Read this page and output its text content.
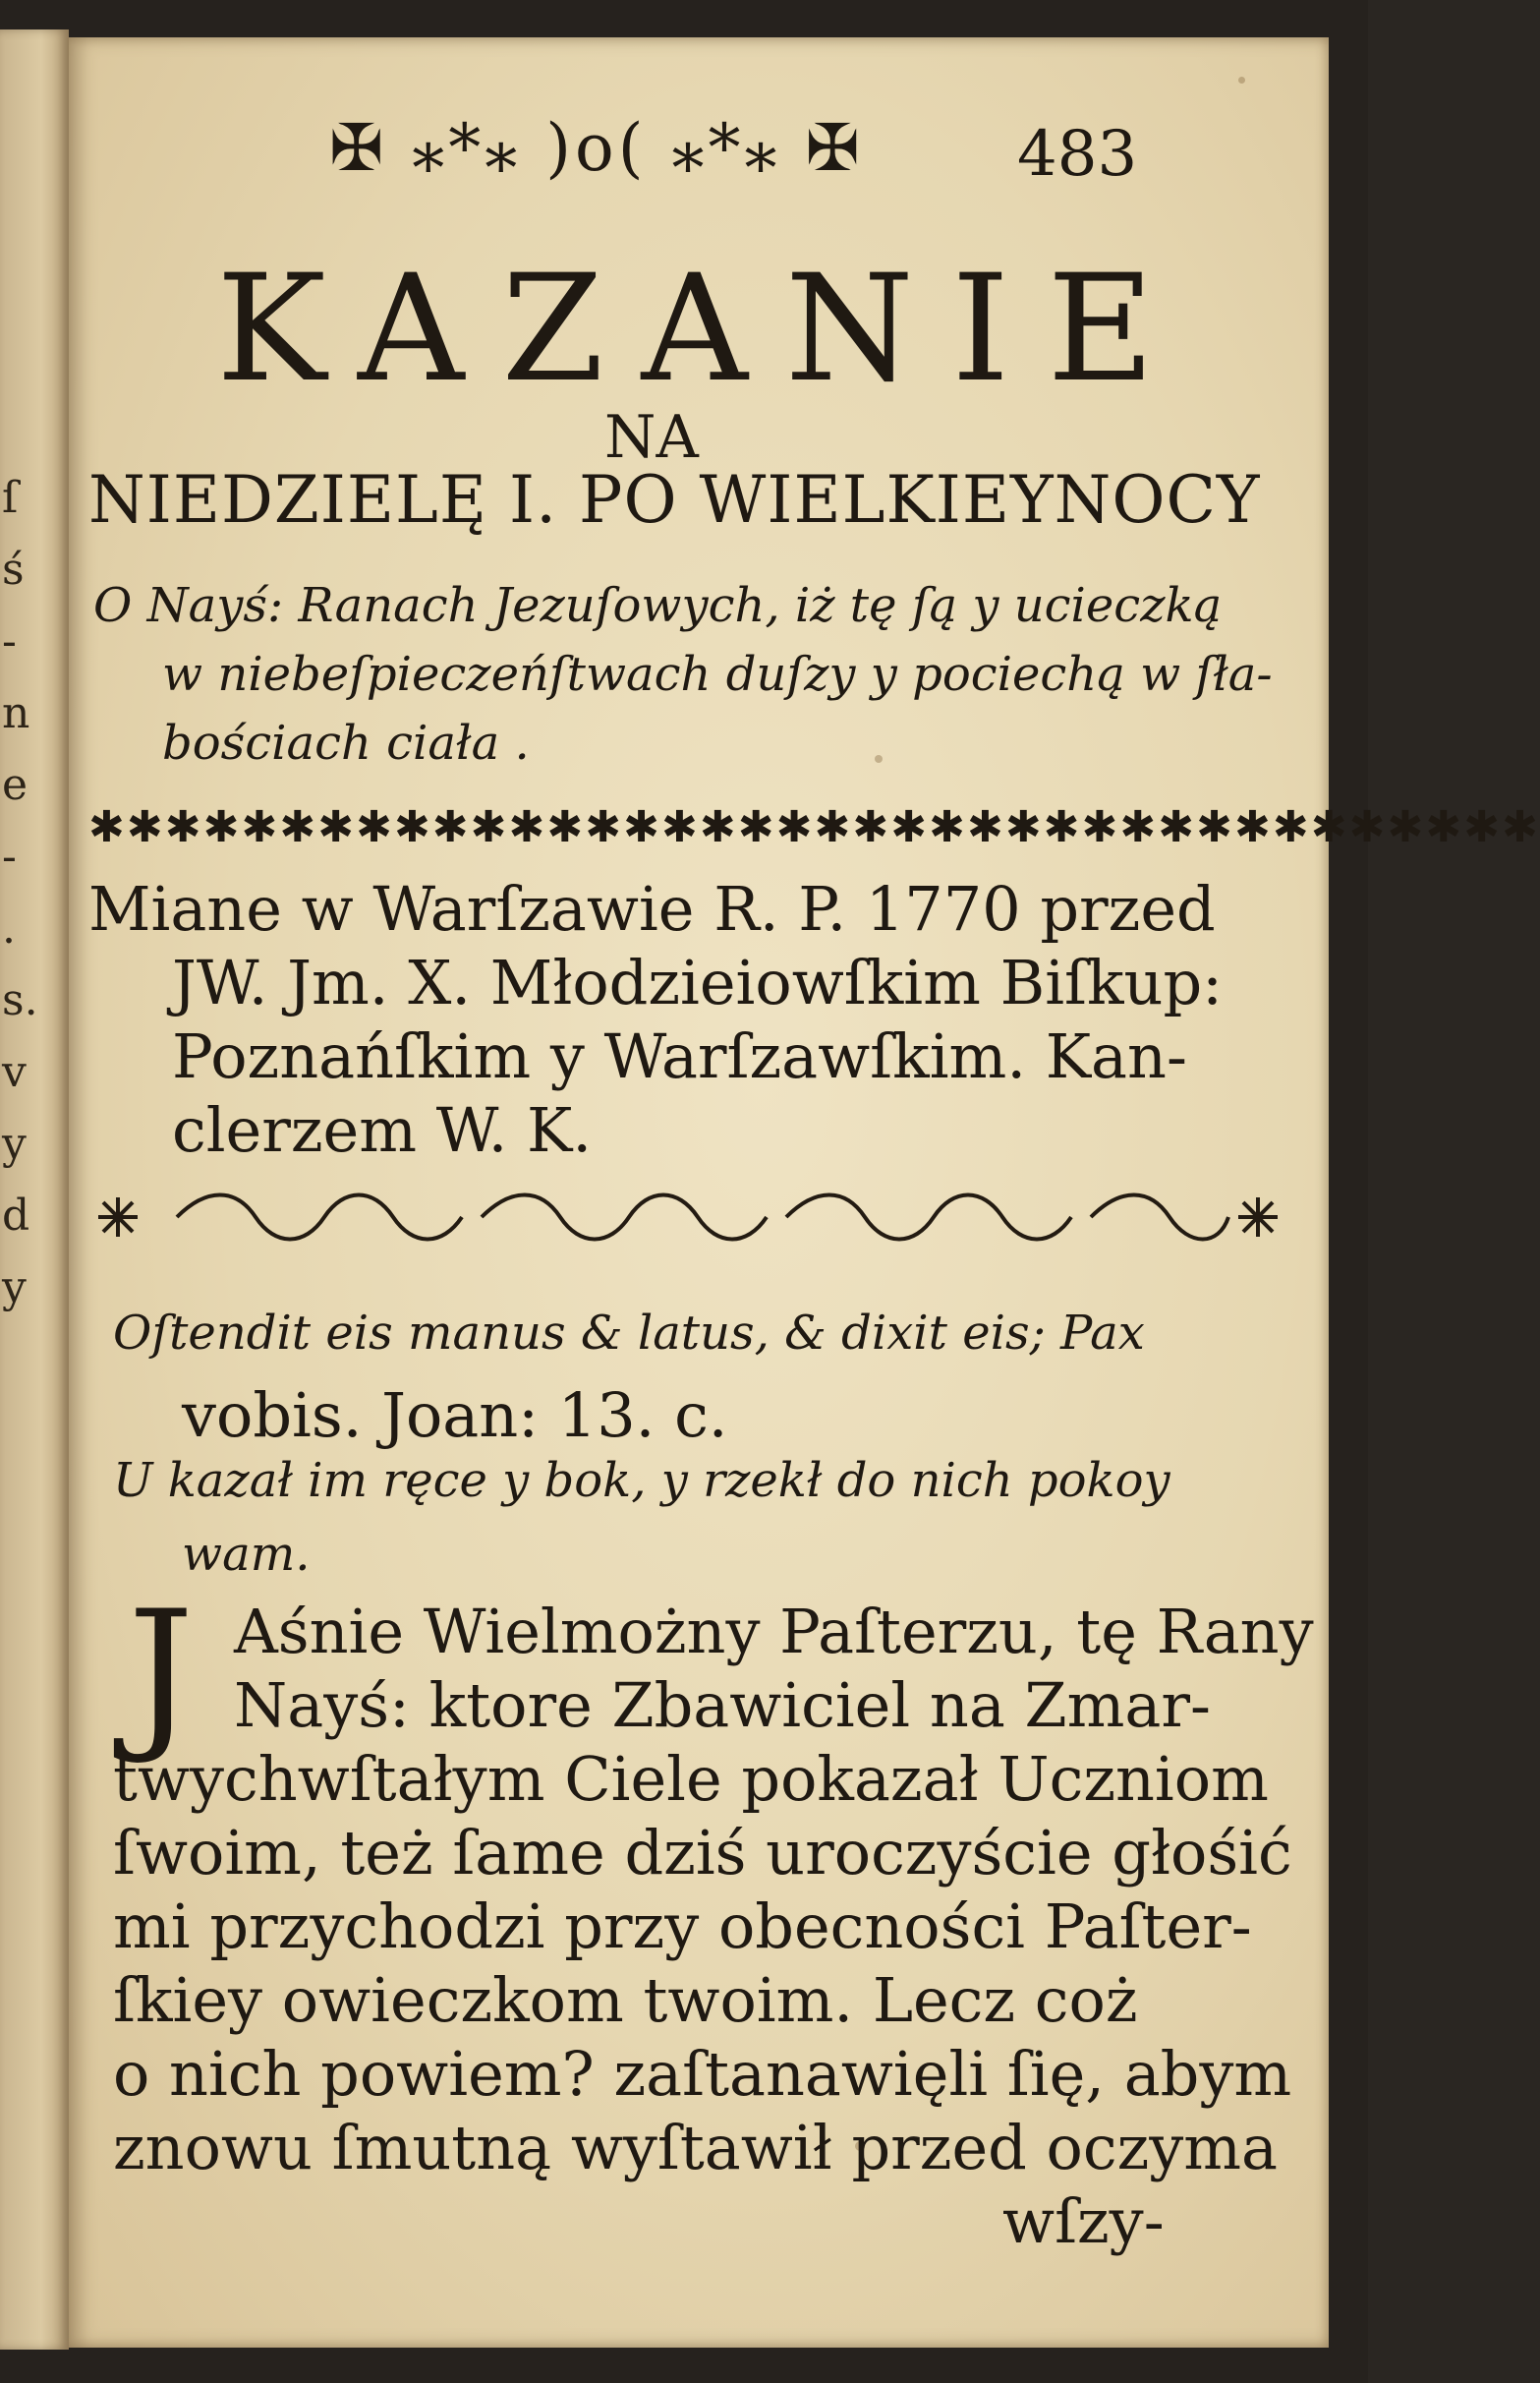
ſ
ś
-
n
e
-
.
s.
v
y
d
y
✠ ⁎*⁎ )o( ⁎*⁎ ✠ 483
KAZANIE
NA
NIEDZIELĘ I. PO WIELKIEYNOCY
O Nayś: Ranach Jezuſowych, iż tę ſą y ucieczką
w niebeſpieczeńſtwach duſzy y pociechą w ſła-
bościach ciała .
✱✱✱✱✱✱✱✱✱✱✱✱✱✱✱✱✱✱✱✱✱✱✱✱✱✱✱✱✱✱✱✱✱✱✱✱✱✱
Miane w Warſzawie R. P. 1770 przed
JW. Jm. X. Młodzieiowſkim Biſkup:
Poznańſkim y Warſzawſkim. Kan-
clerzem W. K.
Oſtendit eis manus & latus, & dixit eis; Pax
vobis. Joan: 13. c.
U kazał im ręce y bok, y rzekł do nich pokoy
wam.
J Aśnie Wielmożny Paſterzu, tę Rany
Nayś: ktore Zbawiciel na Zmar-
twychwſtałym Ciele pokazał Uczniom
ſwoim, też ſame dziś uroczyście głośić
mi przychodzi przy obecności Paſter-
ſkiey owieczkom twoim. Lecz coż
o nich powiem? zaſtanawięli ſię, abym
znowu ſmutną wyſtawił przed oczyma
wſzy-
